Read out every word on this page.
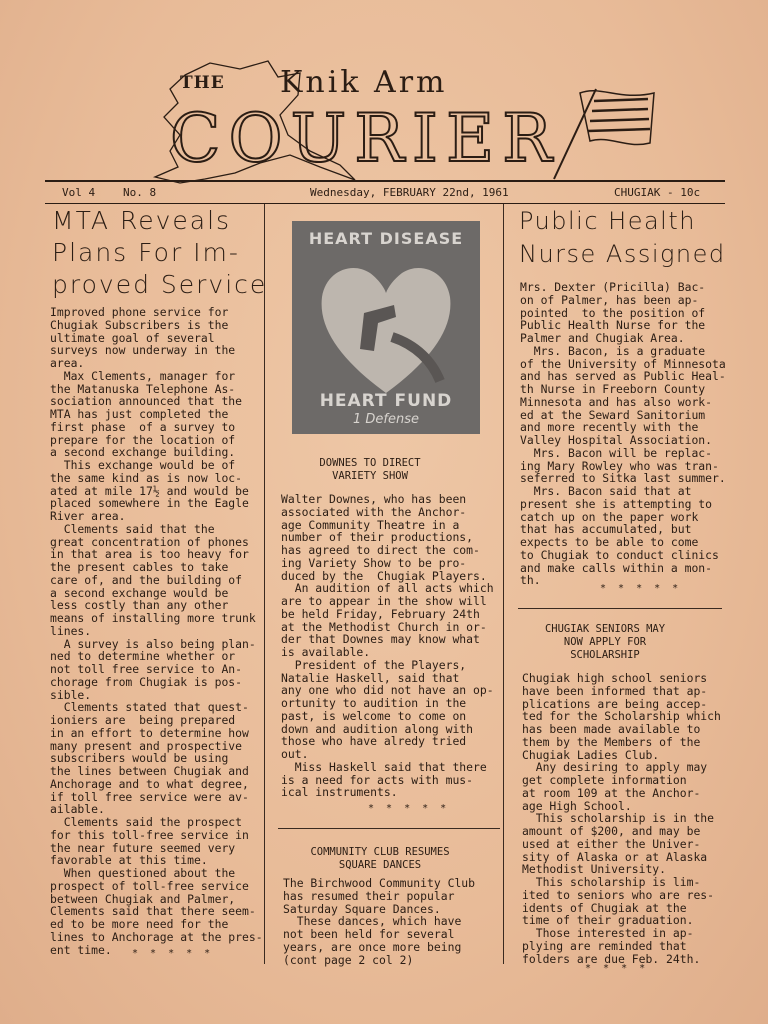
THE Knik Arm
COURIER
Vol 4	No. 8	Wednesday, FEBRUARY 22nd, 1961	CHUGIAK - 10c
MTA Reveals
Plans For Im-
proved Service
Improved phone service for
Chugiak Subscribers is the
ultimate goal of several
surveys now underway in the
area.
Max Clements, manager for
the Matanuska Telephone As-
sociation announced that the
MTA has just completed the
first phase  of a survey to
prepare for the location of
a second exchange building.
This exchange would be of
the same kind as is now loc-
ated at mile 17½ and would be
placed somewhere in the Eagle
River area.
Clements said that the
great concentration of phones
in that area is too heavy for
the present cables to take
care of, and the building of
a second exchange would be
less costly than any other
means of installing more trunk
lines.
A survey is also being plan-
ned to determine whether or
not toll free service to An-
chorage from Chugiak is pos-
sible.
Clements stated that quest-
ioniers are  being prepared
in an effort to determine how
many present and prospective
subscribers would be using
the lines between Chugiak and
Anchorage and to what degree,
if toll free service were av-
ailable.
Clements said the prospect
for this toll-free service in
the near future seemed very
favorable at this time.
When questioned about the
prospect of toll-free service
between Chugiak and Palmer,
Clements said that there seem-
ed to be more need for the
lines to Anchorage at the pres-
ent time.	* * * * *
HEART DISEASE
HEART FUND
1 Defense
DOWNES TO DIRECT
VARIETY SHOW
Walter Downes, who has been
associated with the Anchor-
age Community Theatre in a
number of their productions,
has agreed to direct the com-
ing Variety Show to be pro-
duced by the  Chugiak Players.
An audition of all acts which
are to appear in the show will
be held Friday, February 24th
at the Methodist Church in or-
der that Downes may know what
is available.
President of the Players,
Natalie Haskell, said that
any one who did not have an op-
ortunity to audition in the
past, is welcome to come on
down and audition along with
those who have alredy tried
out.
Miss Haskell said that there
is a need for acts with mus-
ical instruments.
* * * * *
COMMUNITY CLUB RESUMES
SQUARE DANCES
The Birchwood Community Club
has resumed their popular
Saturday Square Dances.
These dances, which have
not been held for several
years, are once more being
(cont page 2 col 2)
Public Health
Nurse Assigned
Mrs. Dexter (Pricilla) Bac-
on of Palmer, has been ap-
pointed  to the position of
Public Health Nurse for the
Palmer and Chugiak Area.
Mrs. Bacon, is a graduate
of the University of Minnesota
and has served as Public Heal-
th Nurse in Freeborn County
Minnesota and has also work-
ed at the Seward Sanitorium
and more recently with the
Valley Hospital Association.
Mrs. Bacon will be replac-
ing Mary Rowley who was tran-
seferred to Sitka last summer.
Mrs. Bacon said that at
present she is attempting to
catch up on the paper work
that has accumulated, but
expects to be able to come
to Chugiak to conduct clinics
and make calls within a mon-
th.
* * * * *
CHUGIAK SENIORS MAY
NOW APPLY FOR
SCHOLARSHIP
Chugiak high school seniors
have been informed that ap-
plications are being accep-
ted for the Scholarship which
has been made available to
them by the Members of the
Chugiak Ladies Club.
Any desiring to apply may
get complete information
at room 109 at the Anchor-
age High School.
This scholarship is in the
amount of $200, and may be
used at either the Univer-
sity of Alaska or at Alaska
Methodist University.
This scholarship is lim-
ited to seniors who are res-
idents of Chugiak at the
time of their graduation.
Those interested in ap-
plying are reminded that
folders are due Feb. 24th.
* * * *
